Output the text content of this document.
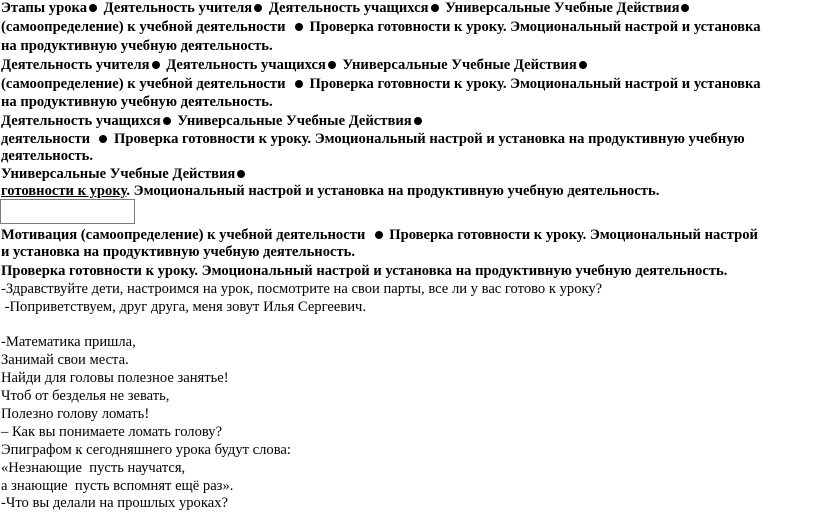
Этапы урока Деятельность учителя Деятельность учащихся Универсальные Учебные Действия
(самоопределение) к учебной деятельности Проверка готовности к уроку. Эмоциональный настрой и установка
на продуктивную учебную деятельность.
Деятельность учителя Деятельность учащихся Универсальные Учебные Действия
(самоопределение) к учебной деятельности Проверка готовности к уроку. Эмоциональный настрой и установка
на продуктивную учебную деятельность.
Деятельность учащихся Универсальные Учебные Действия
деятельности Проверка готовности к уроку. Эмоциональный настрой и установка на продуктивную учебную
деятельность.
Универсальные Учебные Действия
готовности к уроку. Эмоциональный настрой и установка на продуктивную учебную деятельность.
Мотивация (самоопределение) к учебной деятельности Проверка готовности к уроку. Эмоциональный настрой
и установка на продуктивную учебную деятельность.
Проверка готовности к уроку. Эмоциональный настрой и установка на продуктивную учебную деятельность.
-Здравствуйте дети, настроимся на урок, посмотрите на свои парты, все ли у вас готово к уроку?
-Поприветствуем, друг друга, меня зовут Илья Сергеевич.
-Математика пришла,
Занимай свои места.
Найди для головы полезное занятье!
Чтоб от безделья не зевать,
Полезно голову ломать!
– Как вы понимаете ломать голову?
Эпиграфом к сегодняшнего урока будут слова:
«Незнающие  пусть научатся,
а знающие  пусть вспомнят ещё раз».
-Что вы делали на прошлых уроках?
